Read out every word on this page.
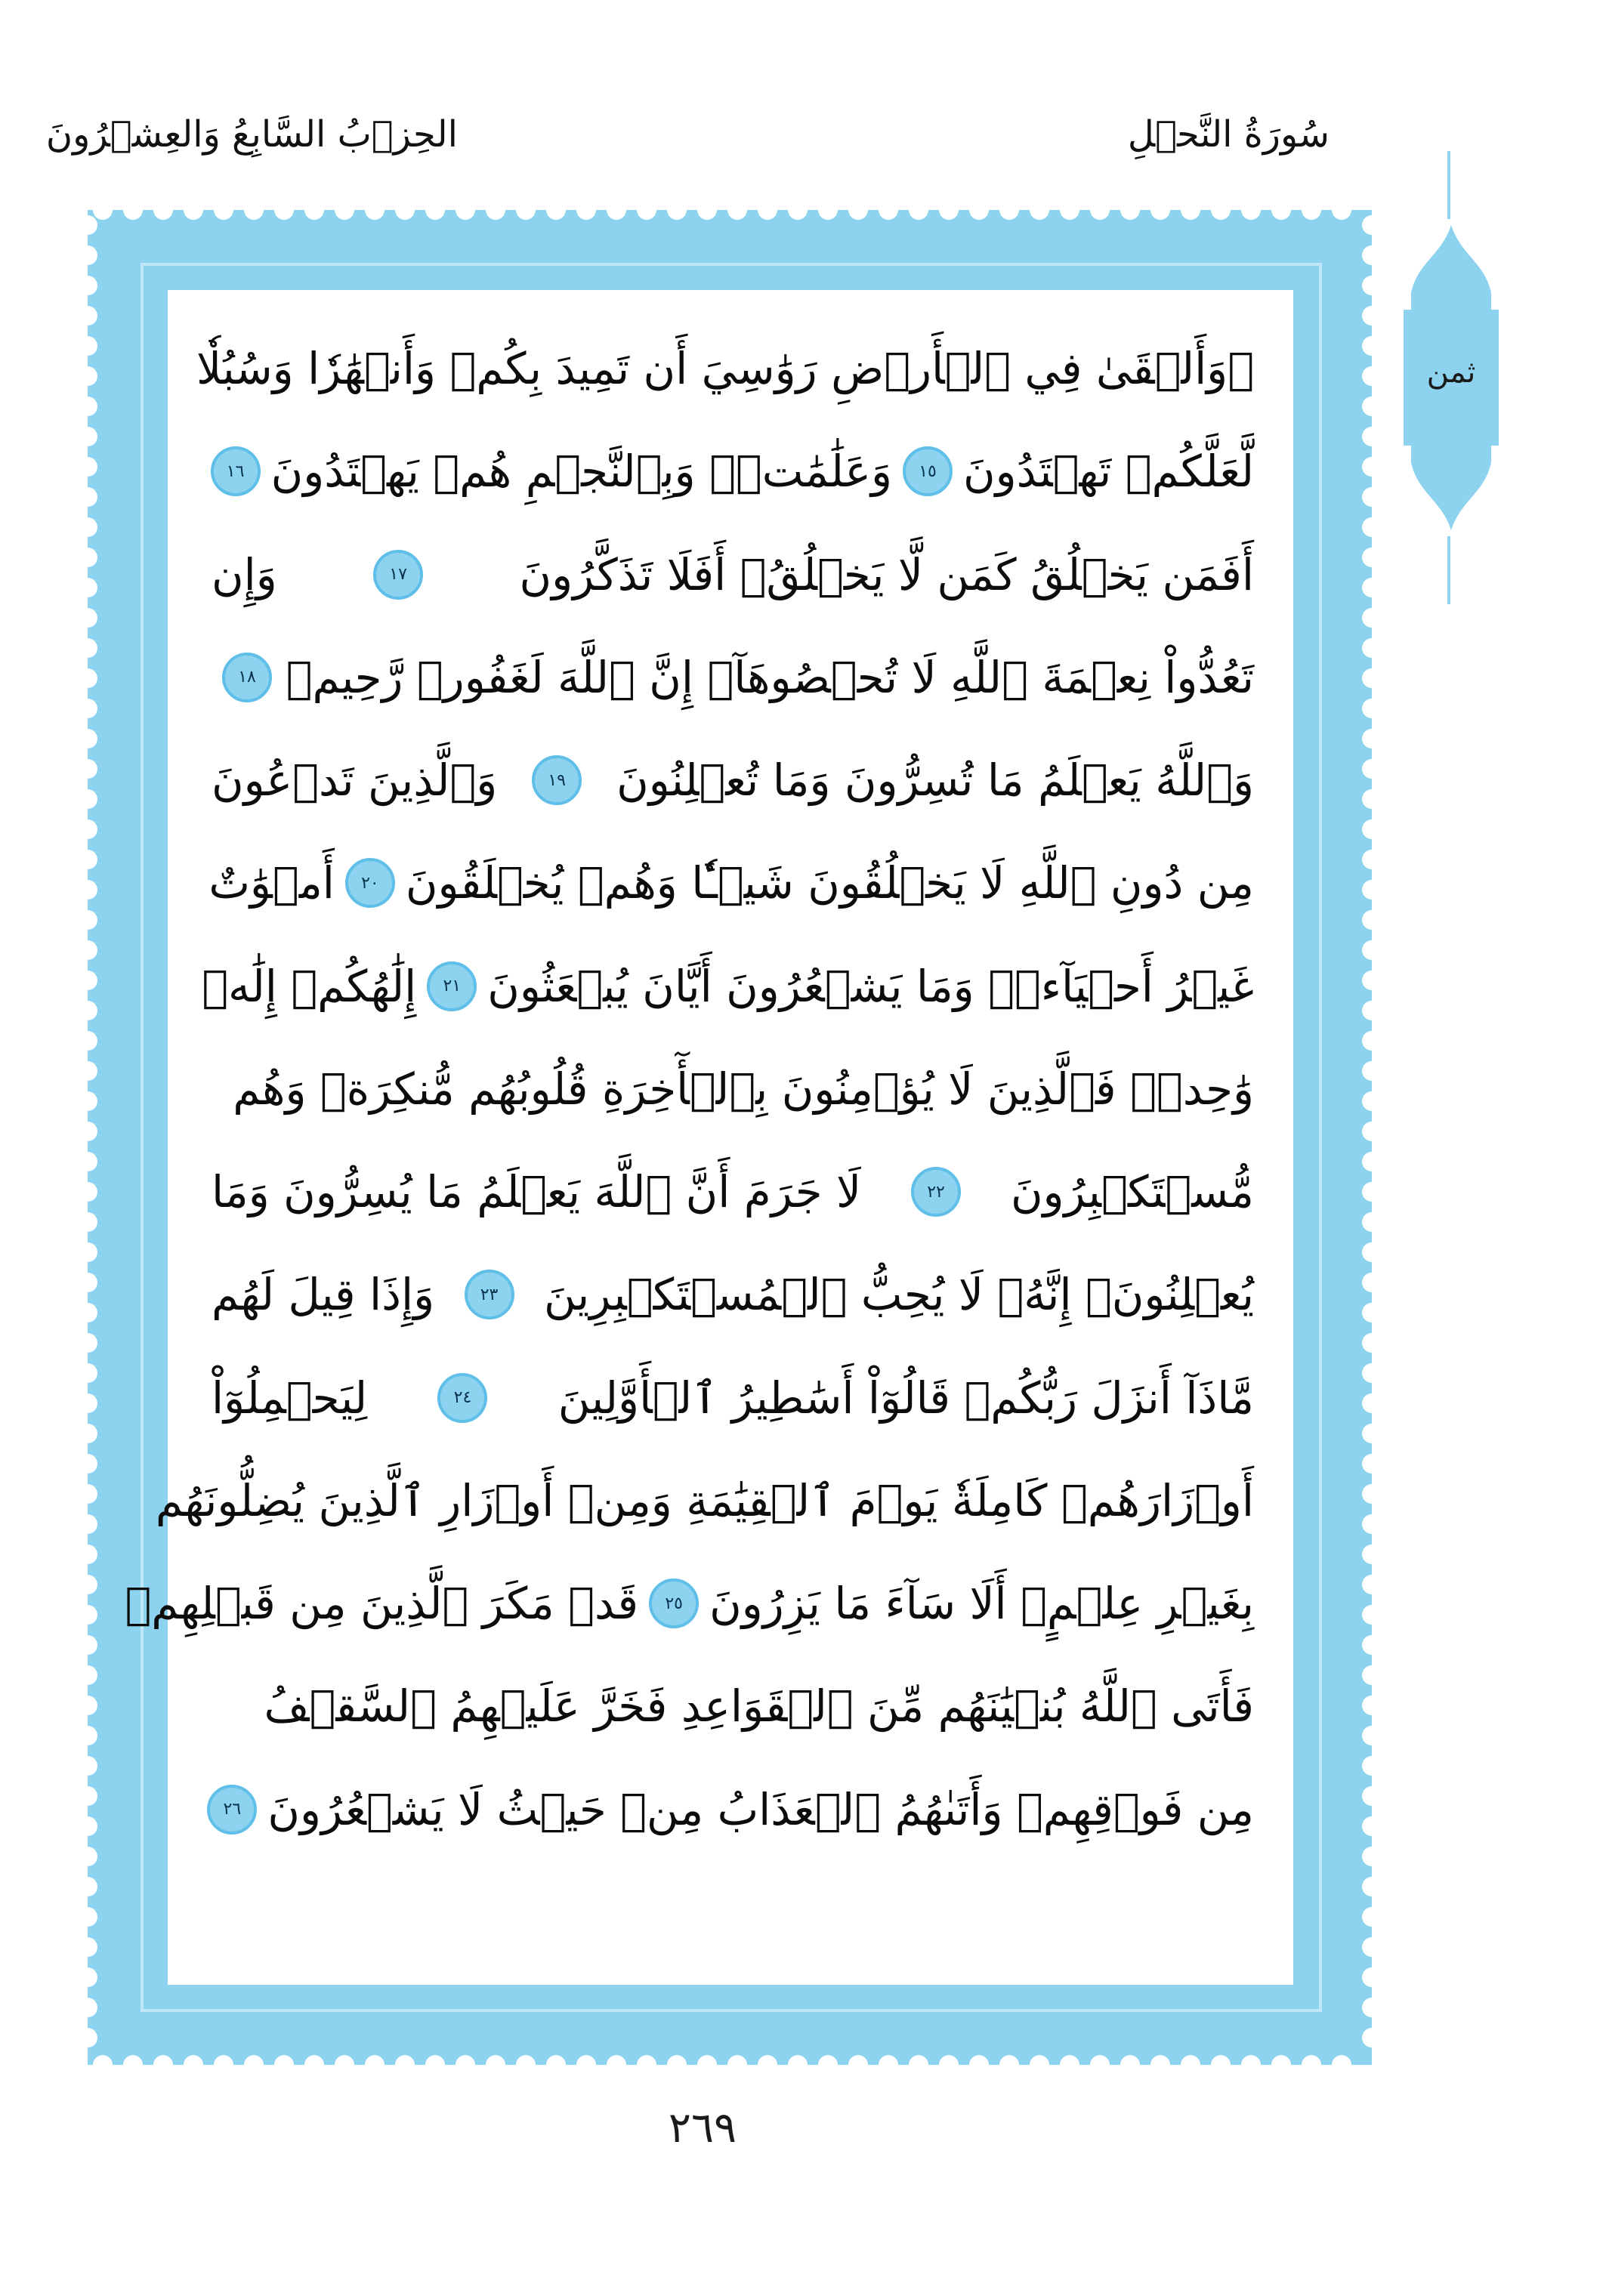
سُورَةُ النَّحۡلِ
الحِزۡبُ السَّابِعُ وَالعِشۡرُونَ
۞وَأَلۡقَىٰ فِي ٱلۡأَرۡضِ رَوَٰسِيَ أَن تَمِيدَ بِكُمۡ وَأَنۡهَٰرٗا وَسُبُلٗا
لَّعَلَّكُمۡ تَهۡتَدُونَ
١٥
وَعَلَٰمَٰتٖۚ وَبِٱلنَّجۡمِ هُمۡ يَهۡتَدُونَ
١٦
أَفَمَن يَخۡلُقُ كَمَن لَّا يَخۡلُقُۚ أَفَلَا تَذَكَّرُونَ
١٧
وَإِن
تَعُدُّواْ نِعۡمَةَ ٱللَّهِ لَا تُحۡصُوهَآۗ إِنَّ ٱللَّهَ لَغَفُورٞ رَّحِيمٞ
١٨
وَٱللَّهُ يَعۡلَمُ مَا تُسِرُّونَ وَمَا تُعۡلِنُونَ
١٩
وَٱلَّذِينَ تَدۡعُونَ
مِن دُونِ ٱللَّهِ لَا يَخۡلُقُونَ شَيۡـٔٗا وَهُمۡ يُخۡلَقُونَ
٢٠
أَمۡوَٰتٌ
غَيۡرُ أَحۡيَآءٖۖ وَمَا يَشۡعُرُونَ أَيَّانَ يُبۡعَثُونَ
٢١
إِلَٰهُكُمۡ إِلَٰهٞ
وَٰحِدٞۚ فَٱلَّذِينَ لَا يُؤۡمِنُونَ بِٱلۡأٓخِرَةِ قُلُوبُهُم مُّنكِرَةٞ وَهُم
مُّسۡتَكۡبِرُونَ
٢٢
لَا جَرَمَ أَنَّ ٱللَّهَ يَعۡلَمُ مَا يُسِرُّونَ وَمَا
يُعۡلِنُونَۚ إِنَّهُۥ لَا يُحِبُّ ٱلۡمُسۡتَكۡبِرِينَ
٢٣
وَإِذَا قِيلَ لَهُم
مَّاذَآ أَنزَلَ رَبُّكُمۡ قَالُوٓاْ أَسَٰطِيرُ ٱلۡأَوَّلِينَ
٢٤
لِيَحۡمِلُوٓاْ
أَوۡزَارَهُمۡ كَامِلَةٗ يَوۡمَ ٱلۡقِيَٰمَةِ وَمِنۡ أَوۡزَارِ ٱلَّذِينَ يُضِلُّونَهُم
بِغَيۡرِ عِلۡمٍۗ أَلَا سَآءَ مَا يَزِرُونَ
٢٥
قَدۡ مَكَرَ ٱلَّذِينَ مِن قَبۡلِهِمۡ
فَأَتَى ٱللَّهُ بُنۡيَٰنَهُم مِّنَ ٱلۡقَوَاعِدِ فَخَرَّ عَلَيۡهِمُ ٱلسَّقۡفُ
مِن فَوۡقِهِمۡ وَأَتَىٰهُمُ ٱلۡعَذَابُ مِنۡ حَيۡثُ لَا يَشۡعُرُونَ
٢٦
ثمن
٢٦٩
